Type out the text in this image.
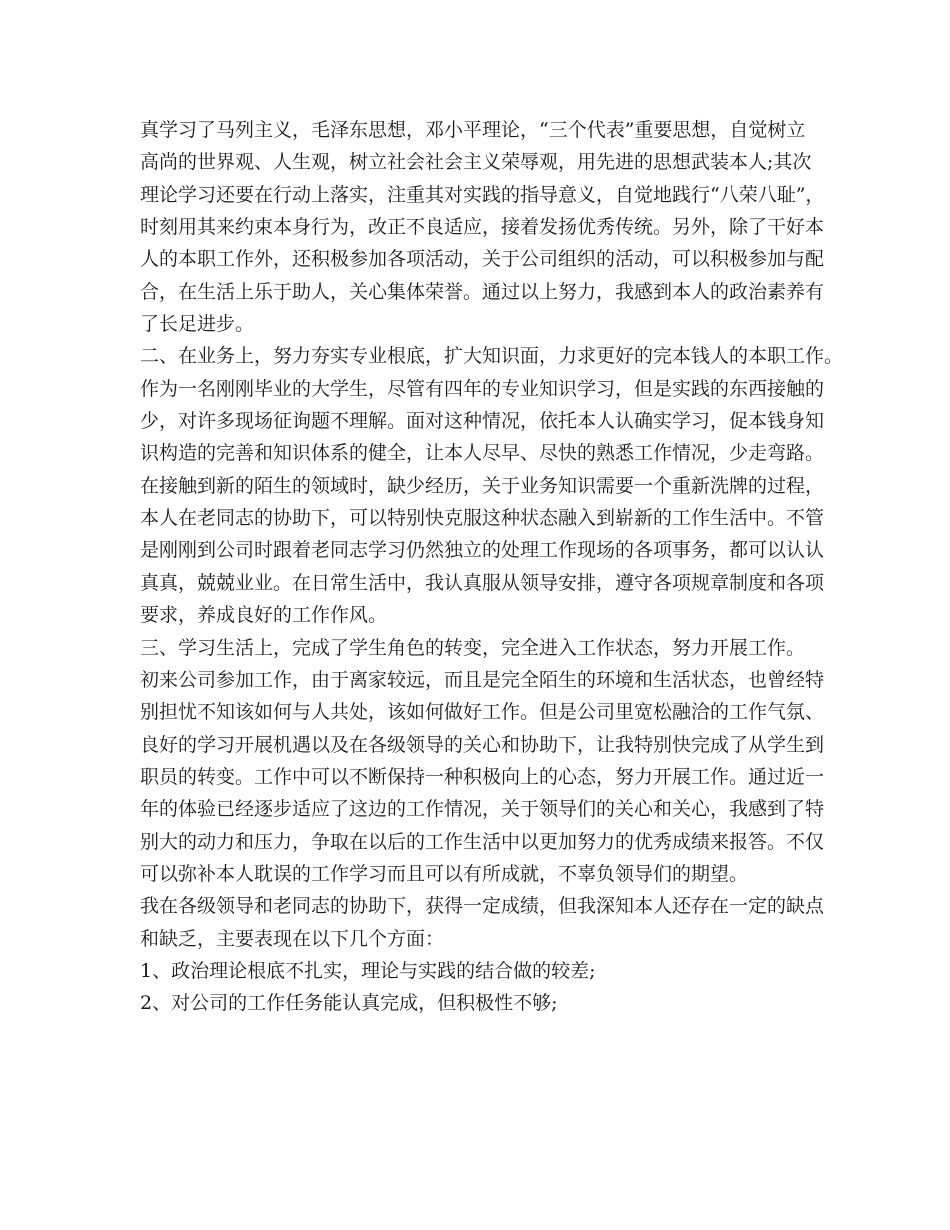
真学习了马列主义，毛泽东思想，邓小平理论，“三个代表”重要思想，自觉树立
高尚的世界观、人生观，树立社会社会主义荣辱观，用先进的思想武装本人;其次
理论学习还要在行动上落实，注重其对实践的指导意义，自觉地践行“八荣八耻”，
时刻用其来约束本身行为，改正不良适应，接着发扬优秀传统。另外，除了干好本
人的本职工作外，还积极参加各项活动，关于公司组织的活动，可以积极参加与配
合，在生活上乐于助人，关心集体荣誉。通过以上努力，我感到本人的政治素养有
了长足进步。
二、在业务上，努力夯实专业根底，扩大知识面，力求更好的完本钱人的本职工作。
作为一名刚刚毕业的大学生，尽管有四年的专业知识学习，但是实践的东西接触的
少，对许多现场征询题不理解。面对这种情况，依托本人认确实学习，促本钱身知
识构造的完善和知识体系的健全，让本人尽早、尽快的熟悉工作情况，少走弯路。
在接触到新的陌生的领域时，缺少经历，关于业务知识需要一个重新洗牌的过程，
本人在老同志的协助下，可以特别快克服这种状态融入到崭新的工作生活中。不管
是刚刚到公司时跟着老同志学习仍然独立的处理工作现场的各项事务，都可以认认
真真，兢兢业业。在日常生活中，我认真服从领导安排，遵守各项规章制度和各项
要求，养成良好的工作作风。
三、学习生活上，完成了学生角色的转变，完全进入工作状态，努力开展工作。
初来公司参加工作，由于离家较远，而且是完全陌生的环境和生活状态，也曾经特
别担忧不知该如何与人共处，该如何做好工作。但是公司里宽松融洽的工作气氛、
良好的学习开展机遇以及在各级领导的关心和协助下，让我特别快完成了从学生到
职员的转变。工作中可以不断保持一种积极向上的心态，努力开展工作。通过近一
年的体验已经逐步适应了这边的工作情况，关于领导们的关心和关心，我感到了特
别大的动力和压力，争取在以后的工作生活中以更加努力的优秀成绩来报答。不仅
可以弥补本人耽误的工作学习而且可以有所成就，不辜负领导们的期望。
我在各级领导和老同志的协助下，获得一定成绩，但我深知本人还存在一定的缺点
和缺乏，主要表现在以下几个方面：
1、政治理论根底不扎实，理论与实践的结合做的较差;
2、对公司的工作任务能认真完成，但积极性不够;
